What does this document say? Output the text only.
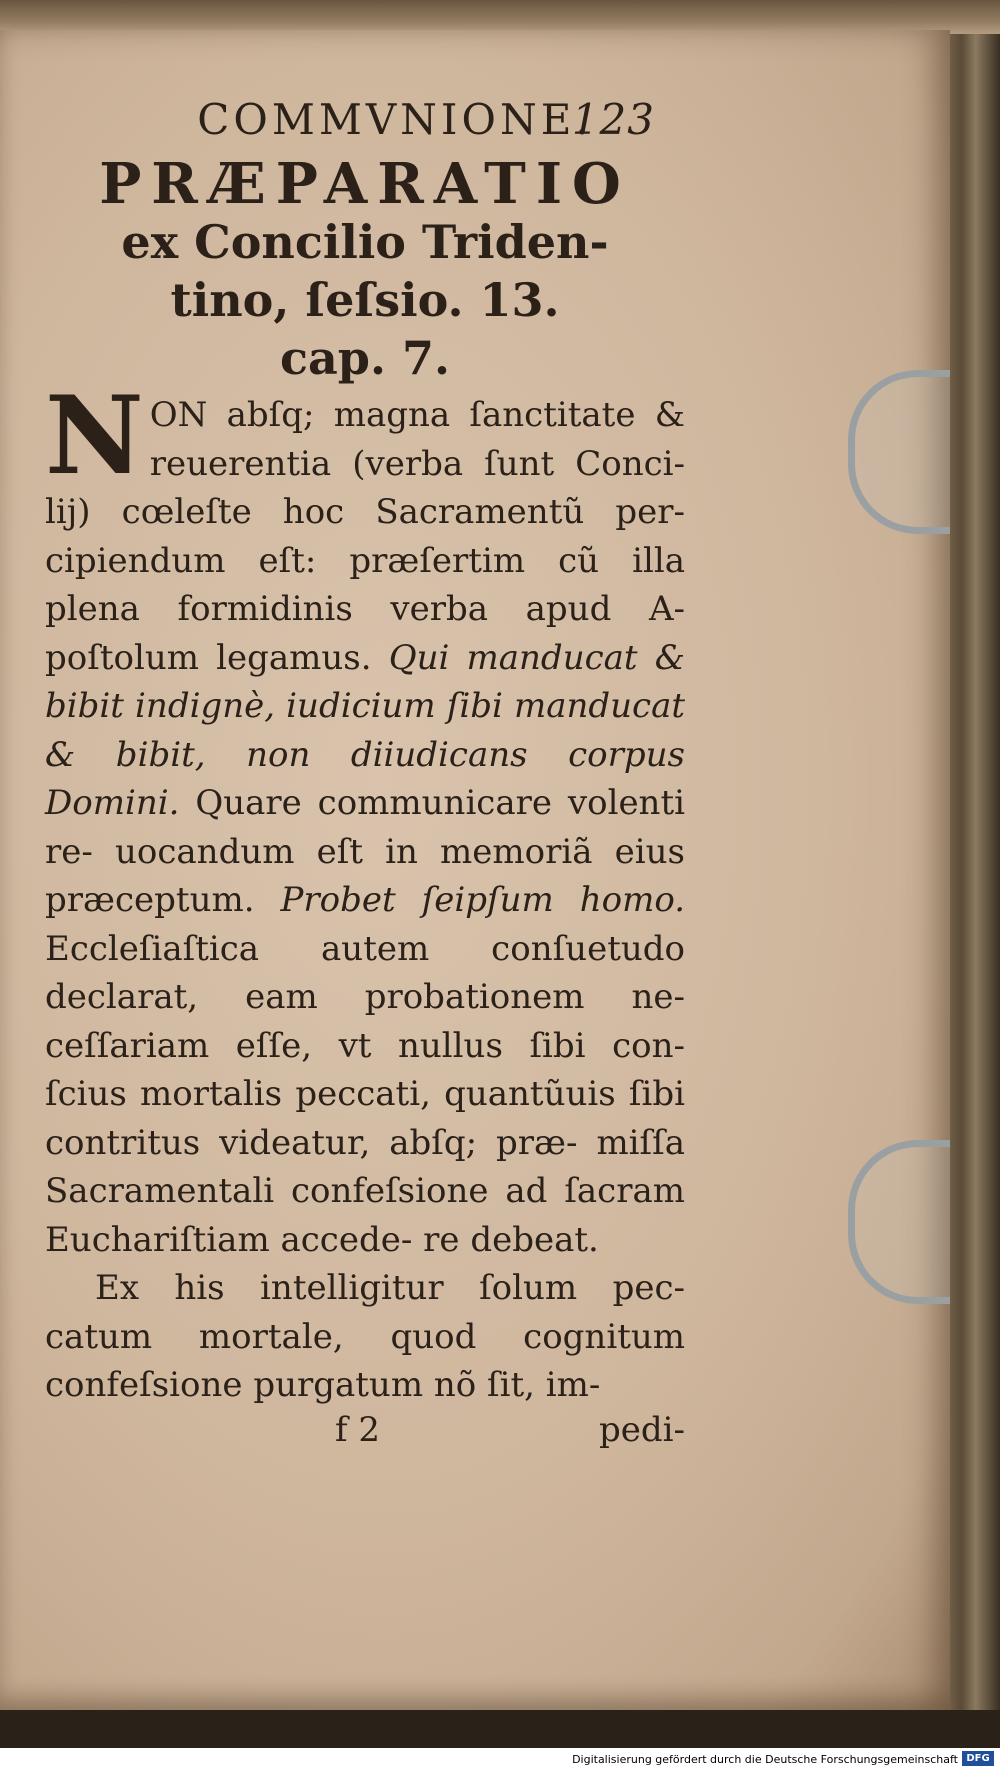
COMMVNIONE.
123
PRÆPARATIO
ex Concilio Triden-
tino, ſeſsio. 13.
cap. 7.

N ON abſq; magna ſanctitate & reuerentia (verba ſunt Conci- lij) cœleſte hoc Sacramentũ per- cipiendum eſt: præſertim cũ illa plena formidinis verba apud A- poſtolum legamus. Qui manducat & bibit indignè, iudicium ſibi manducat & bibit, non diiudicans corpus Domini. Quare communicare volenti re- uocandum eſt in memoriã eius præceptum. Probet ſeipſum homo. Eccleſiaſtica autem conſuetudo declarat, eam probationem ne- ceſſariam eſſe, vt nullus ſibi con- ſcius mortalis peccati, quantũuis ſibi contritus videatur, abſq; præ- miſſa Sacramentali confeſsione ad ſacram Euchariſtiam accede- re debeat.

Ex his intelligitur ſolum pec- catum mortale, quod cognitum confeſsione purgatum nõ ſit, im-

f 2	pedi-
Digitalisierung gefördert durch die Deutsche Forschungsgemeinschaft DFG
